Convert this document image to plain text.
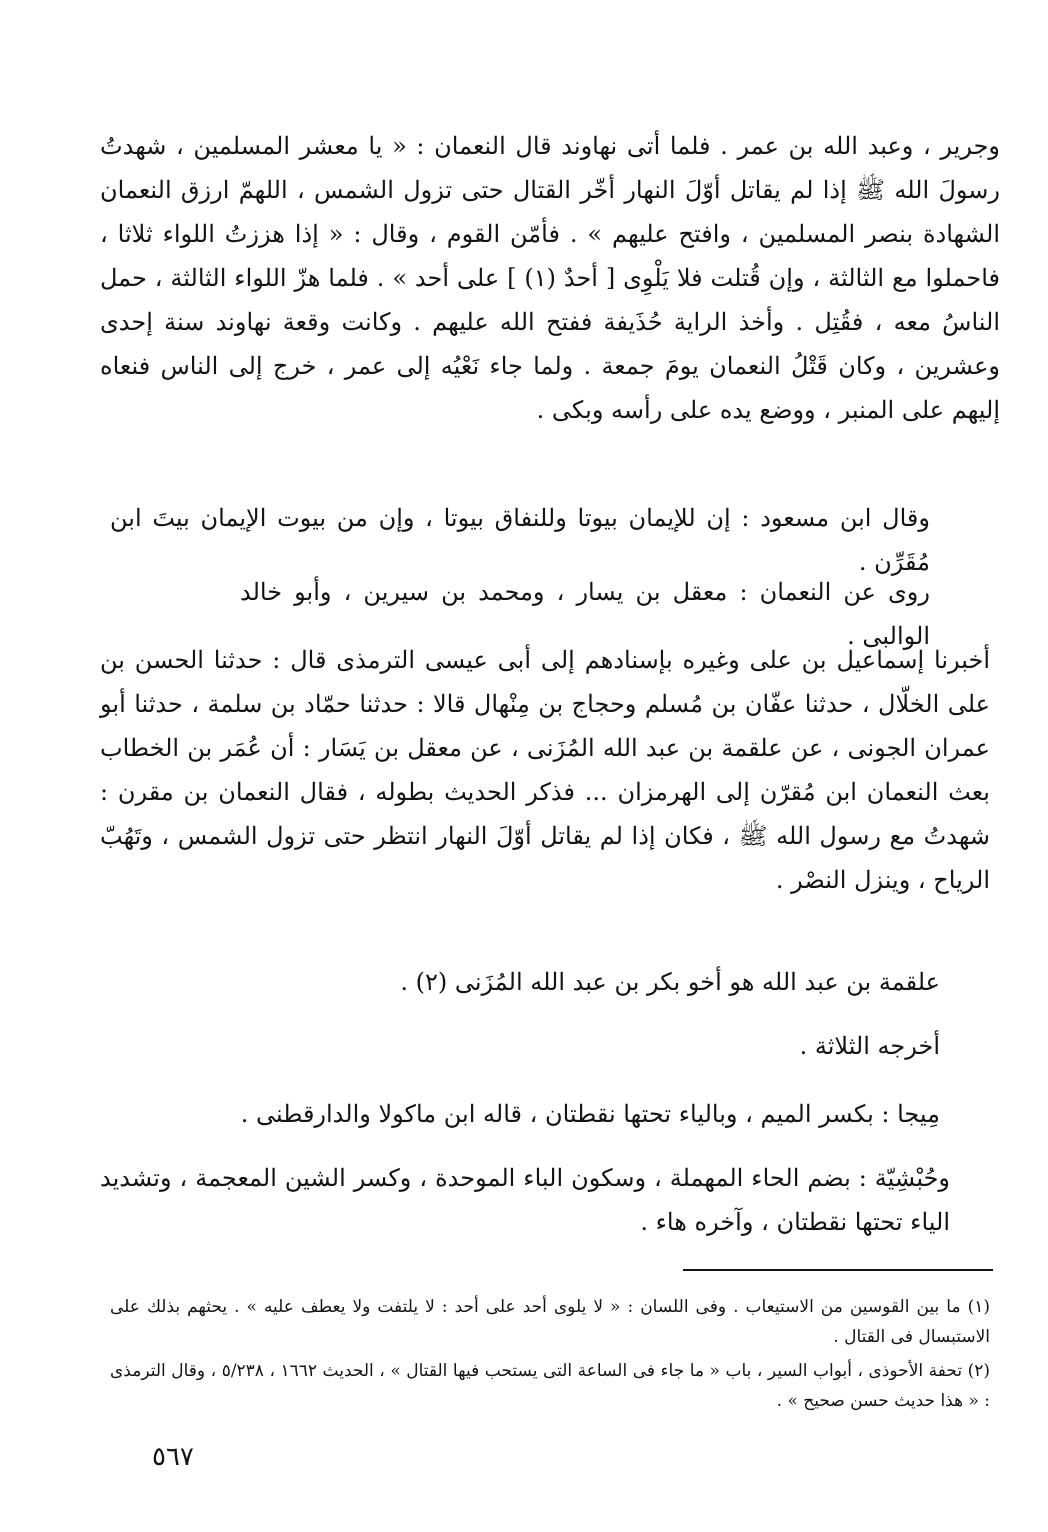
وجرير ، وعبد الله بن عمر . فلما أتى نهاوند قال النعمان : « يا معشر المسلمين ، شهدتُ رسولَ الله ﷺ إذا لم يقاتل أوّلَ النهار أخّر القتال حتى تزول الشمس ، اللهمّ ارزق النعمان الشهادة بنصر المسلمين ، وافتح عليهم » . فأمّن القوم ، وقال : « إذا هززتُ اللواء ثلاثا ، فاحملوا مع الثالثة ، وإن قُتلت فلا يَلْوِى [ أحدٌ (١) ] على أحد » . فلما هزّ اللواء الثالثة ، حمل الناسُ معه ، فقُتِل . وأخذ الراية حُذَيفة ففتح الله عليهم . وكانت وقعة نهاوند سنة إحدى وعشرين ، وكان قَتْلُ النعمان يومَ جمعة . ولما جاء نَعْيُه إلى عمر ، خرج إلى الناس فنعاه إليهم على المنبر ، ووضع يده على رأسه وبكى .

وقال ابن مسعود : إن للإيمان بيوتا وللنفاق بيوتا ، وإن من بيوت الإيمان بيتَ ابن مُقَرِّن .

روى عن النعمان : معقل بن يسار ، ومحمد بن سيرين ، وأبو خالد الوالبى .

أخبرنا إسماعيل بن على وغيره بإسنادهم إلى أبى عيسى الترمذى قال : حدثنا الحسن بن على الخلّال ، حدثنا عفّان بن مُسلم وحجاج بن مِنْهال قالا : حدثنا حمّاد بن سلمة ، حدثنا أبو عمران الجونى ، عن علقمة بن عبد الله المُزَنى ، عن معقل بن يَسَار : أن عُمَر بن الخطاب بعث النعمان ابن مُقرّن إلى الهرمزان ... فذكر الحديث بطوله ، فقال النعمان بن مقرن : شهدتُ مع رسول الله ﷺ ، فكان إذا لم يقاتل أوّلَ النهار انتظر حتى تزول الشمس ، وتَهُبّ الرياح ، وينزل النصْر .

علقمة بن عبد الله هو أخو بكر بن عبد الله المُزَنى (٢) .

أخرجه الثلاثة .

مِيجا : بكسر الميم ، وبالياء تحتها نقطتان ، قاله ابن ماكولا والدارقطنى .

وحُبْشِيّة : بضم الحاء المهملة ، وسكون الباء الموحدة ، وكسر الشين المعجمة ، وتشديد الياء تحتها نقطتان ، وآخره هاء .

(١) ما بين القوسين من الاستيعاب . وفى اللسان : « لا يلوى أحد على أحد : لا يلتفت ولا يعطف عليه » . يحثهم بذلك على الاستبسال فى القتال .

(٢) تحفة الأحوذى ، أبواب السير ، باب « ما جاء فى الساعة التى يستحب فيها القتال » ، الحديث ١٦٦٢ ، ٥/٢٣٨ ، وقال الترمذى : « هذا حديث حسن صحيح » .

٥٦٧
